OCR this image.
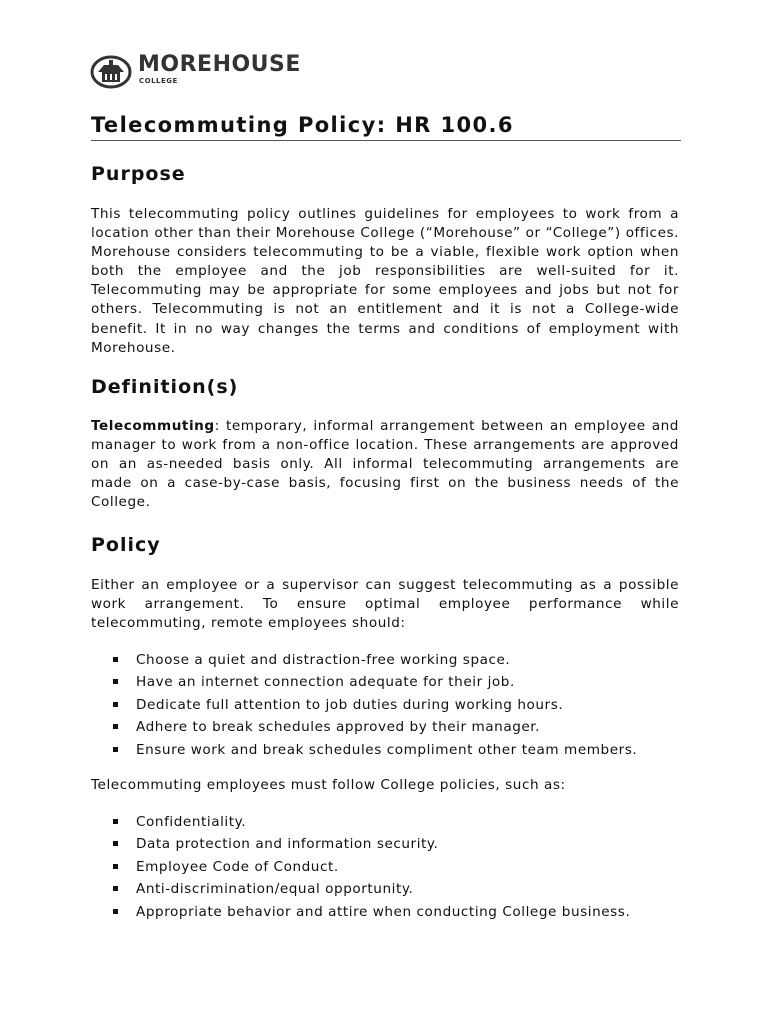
MOREHOUSE
COLLEGE
Telecommuting Policy: HR 100.6
Purpose

This telecommuting policy outlines guidelines for employees to work from a location other than their Morehouse College (“Morehouse” or “College”) offices. Morehouse considers telecommuting to be a viable, flexible work option when both the employee and the job responsibilities are well-suited for it. Telecommuting may be appropriate for some employees and jobs but not for others. Telecommuting is not an entitlement and it is not a College-wide benefit. It in no way changes the terms and conditions of employment with Morehouse.

Definition(s)

Telecommuting: temporary, informal arrangement between an employee and manager to work from a non-office location. These arrangements are approved on an as-needed basis only. All informal telecommuting arrangements are made on a case-by-case basis, focusing first on the business needs of the College.

Policy

Either an employee or a supervisor can suggest telecommuting as a possible work arrangement. To ensure optimal employee performance while telecommuting, remote employees should:

Choose a quiet and distraction-free working space.
Have an internet connection adequate for their job.
Dedicate full attention to job duties during working hours.
Adhere to break schedules approved by their manager.
Ensure work and break schedules compliment other team members.

Telecommuting employees must follow College policies, such as:

Confidentiality.
Data protection and information security.
Employee Code of Conduct.
Anti-discrimination/equal opportunity.
Appropriate behavior and attire when conducting College business.
